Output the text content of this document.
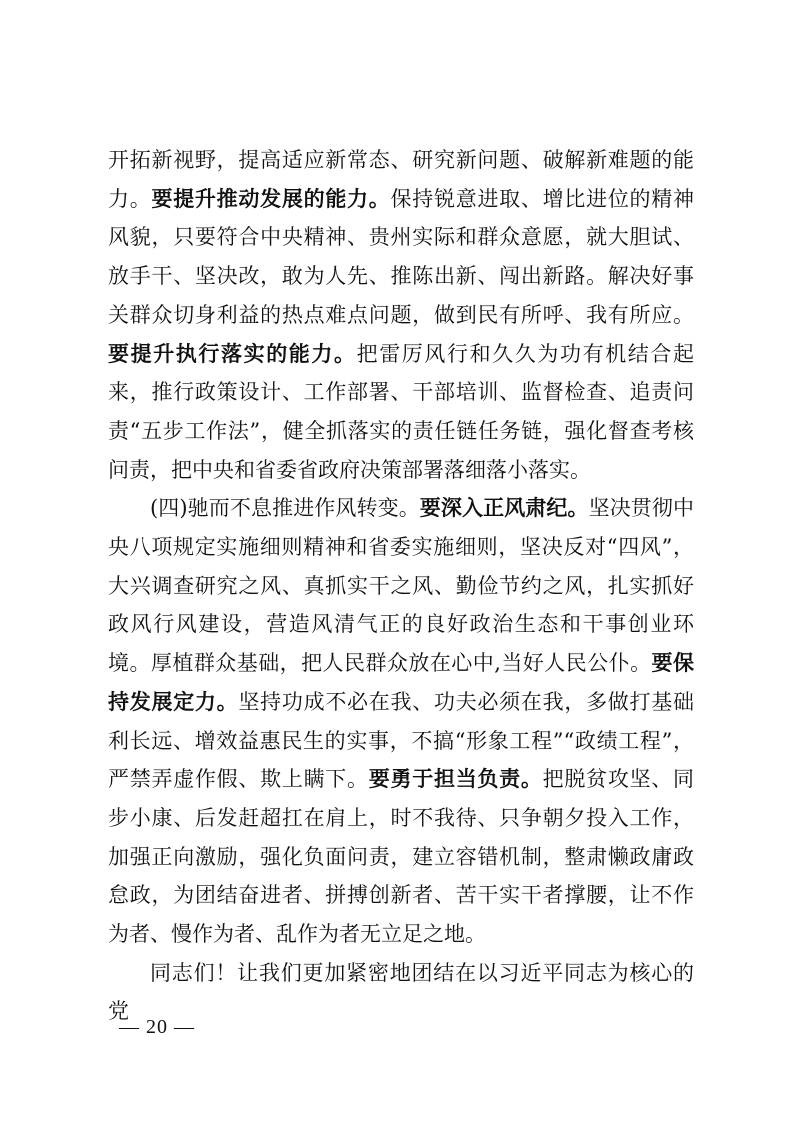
开拓新视野，提高适应新常态、研究新问题、破解新难题的能力。要提升推动发展的能力。保持锐意进取、增比进位的精神风貌，只要符合中央精神、贵州实际和群众意愿，就大胆试、放手干、坚决改，敢为人先、推陈出新、闯出新路。解决好事关群众切身利益的热点难点问题，做到民有所呼、我有所应。要提升执行落实的能力。把雷厉风行和久久为功有机结合起来，推行政策设计、工作部署、干部培训、监督检查、追责问责“五步工作法”，健全抓落实的责任链任务链，强化督查考核问责，把中央和省委省政府决策部署落细落小落实。

(四)驰而不息推进作风转变。要深入正风肃纪。坚决贯彻中央八项规定实施细则精神和省委实施细则，坚决反对“四风”，大兴调查研究之风、真抓实干之风、勤俭节约之风，扎实抓好政风行风建设，营造风清气正的良好政治生态和干事创业环境。厚植群众基础，把人民群众放在心中,当好人民公仆。要保持发展定力。坚持功成不必在我、功夫必须在我，多做打基础利长远、增效益惠民生的实事，不搞“形象工程”“政绩工程”，严禁弄虚作假、欺上瞒下。要勇于担当负责。把脱贫攻坚、同步小康、后发赶超扛在肩上，时不我待、只争朝夕投入工作，加强正向激励，强化负面问责，建立容错机制，整肃懒政庸政怠政，为团结奋进者、拼搏创新者、苦干实干者撑腰，让不作为者、慢作为者、乱作为者无立足之地。

同志们！让我们更加紧密地团结在以习近平同志为核心的党

— 20 —
